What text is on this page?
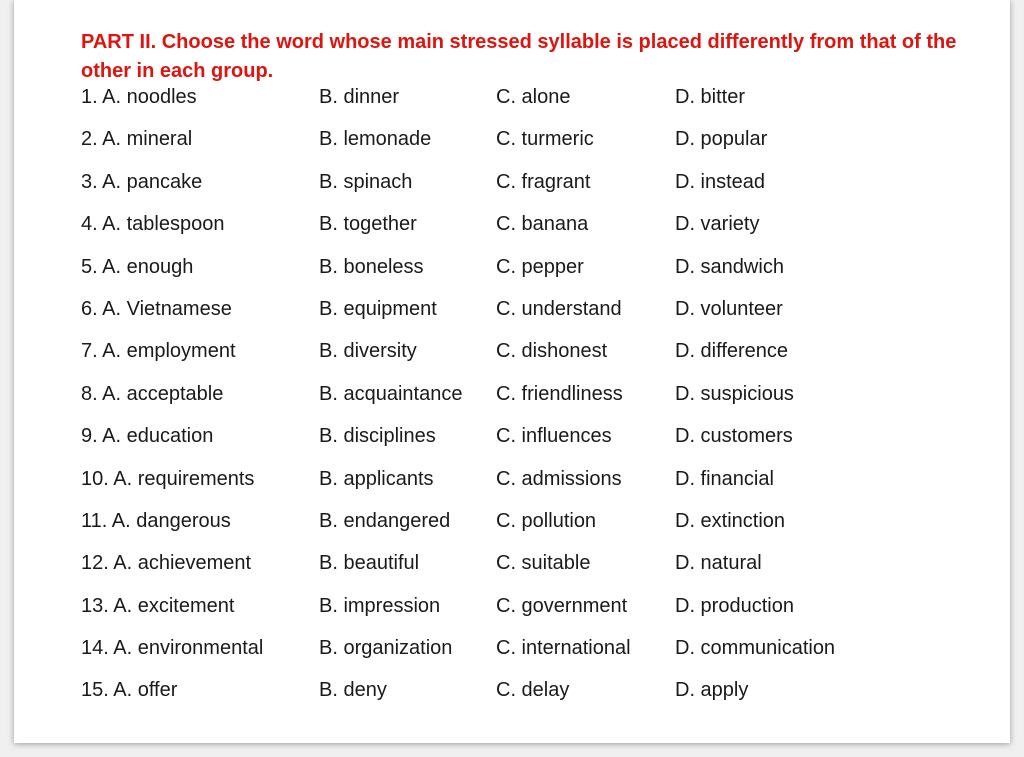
PART II. Choose the word whose main stressed syllable is placed differently from that of the other in each group.

1. A. noodles	B. dinner	C. alone	D. bitter
2. A. mineral	B. lemonade	C. turmeric	D. popular
3. A. pancake	B. spinach	C. fragrant	D. instead
4. A. tablespoon	B. together	C. banana	D. variety
5. A. enough	B. boneless	C. pepper	D. sandwich
6. A. Vietnamese	B. equipment	C. understand	D. volunteer
7. A. employment	B. diversity	C. dishonest	D. difference
8. A. acceptable	B. acquaintance C. friendliness	D. suspicious
9. A. education	B. disciplines	C. influences	D. customers
10. A. requirements	B. applicants	C. admissions	D. financial
11. A. dangerous	B. endangered C. pollution	D. extinction
12. A. achievement	B. beautiful	C. suitable	D. natural
13. A. excitement	B. impression	C. government D. production
14. A. environmental	B. organization C. international D. communication
15. A. offer	B. deny	C. delay	D. apply
